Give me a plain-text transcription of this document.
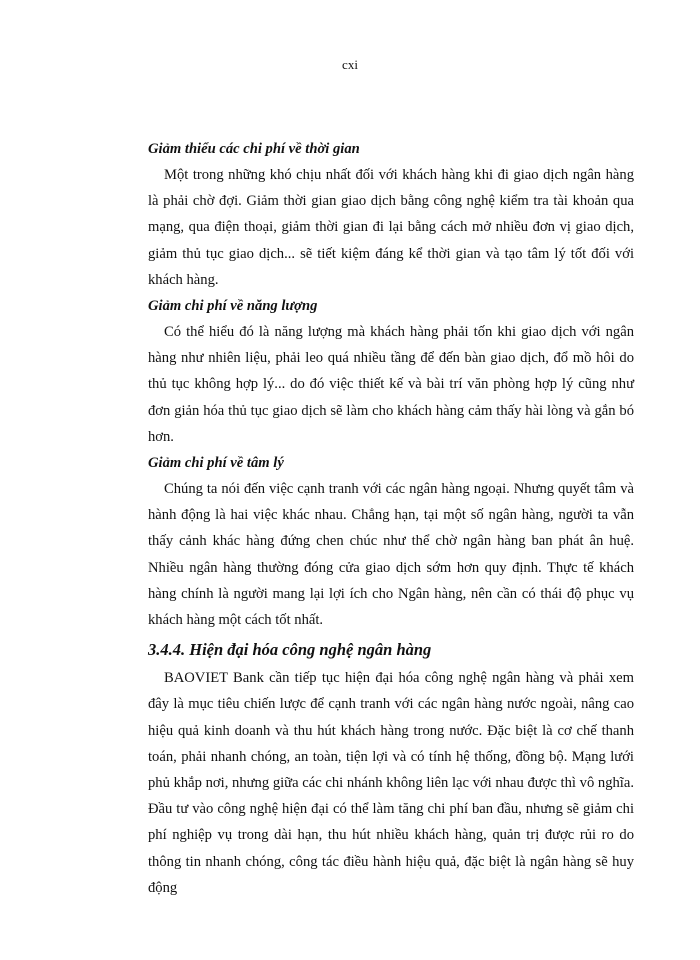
cxi

Giảm thiểu các chi phí về thời gian

Một trong những khó chịu nhất đối với khách hàng khi đi giao dịch ngân hàng là phải chờ đợi. Giảm thời gian giao dịch bằng công nghệ kiểm tra tài khoản qua mạng, qua điện thoại, giảm thời gian đi lại bằng cách mở nhiều đơn vị giao dịch, giảm thủ tục giao dịch... sẽ tiết kiệm đáng kể thời gian và tạo tâm lý tốt đối với khách hàng.

Giảm chi phí về năng lượng

Có thể hiểu đó là năng lượng mà khách hàng phải tốn khi giao dịch với ngân hàng như nhiên liệu, phải leo quá nhiều tầng để đến bàn giao dịch, đổ mồ hôi do thủ tục không hợp lý... do đó việc thiết kế và bài trí văn phòng hợp lý cũng như đơn giản hóa thủ tục giao dịch sẽ làm cho khách hàng cảm thấy hài lòng và gắn bó hơn.

Giảm chi phí về tâm lý

Chúng ta nói đến việc cạnh tranh với các ngân hàng ngoại. Nhưng quyết tâm và hành động là hai việc khác nhau. Chẳng hạn, tại một số ngân hàng, người ta vẫn thấy cảnh khác hàng đứng chen chúc như thể chờ ngân hàng ban phát ân huệ. Nhiều ngân hàng thường đóng cửa giao dịch sớm hơn quy định. Thực tế khách hàng chính là người mang lại lợi ích cho Ngân hàng, nên cần có thái độ phục vụ khách hàng một cách tốt nhất.

3.4.4. Hiện đại hóa công nghệ ngân hàng

BAOVIET Bank cần tiếp tục hiện đại hóa công nghệ ngân hàng và phải xem đây là mục tiêu chiến lược để cạnh tranh với các ngân hàng nước ngoài, nâng cao hiệu quả kinh doanh và thu hút khách hàng trong nước. Đặc biệt là cơ chế thanh toán, phải nhanh chóng, an toàn, tiện lợi và có tính hệ thống, đồng bộ. Mạng lưới phủ khắp nơi, nhưng giữa các chi nhánh không liên lạc với nhau được thì vô nghĩa. Đầu tư vào công nghệ hiện đại có thể làm tăng chi phí ban đầu, nhưng sẽ giảm chi phí nghiệp vụ trong dài hạn, thu hút nhiều khách hàng, quản trị được rủi ro do thông tin nhanh chóng, công tác điều hành hiệu quả, đặc biệt là ngân hàng sẽ huy động
